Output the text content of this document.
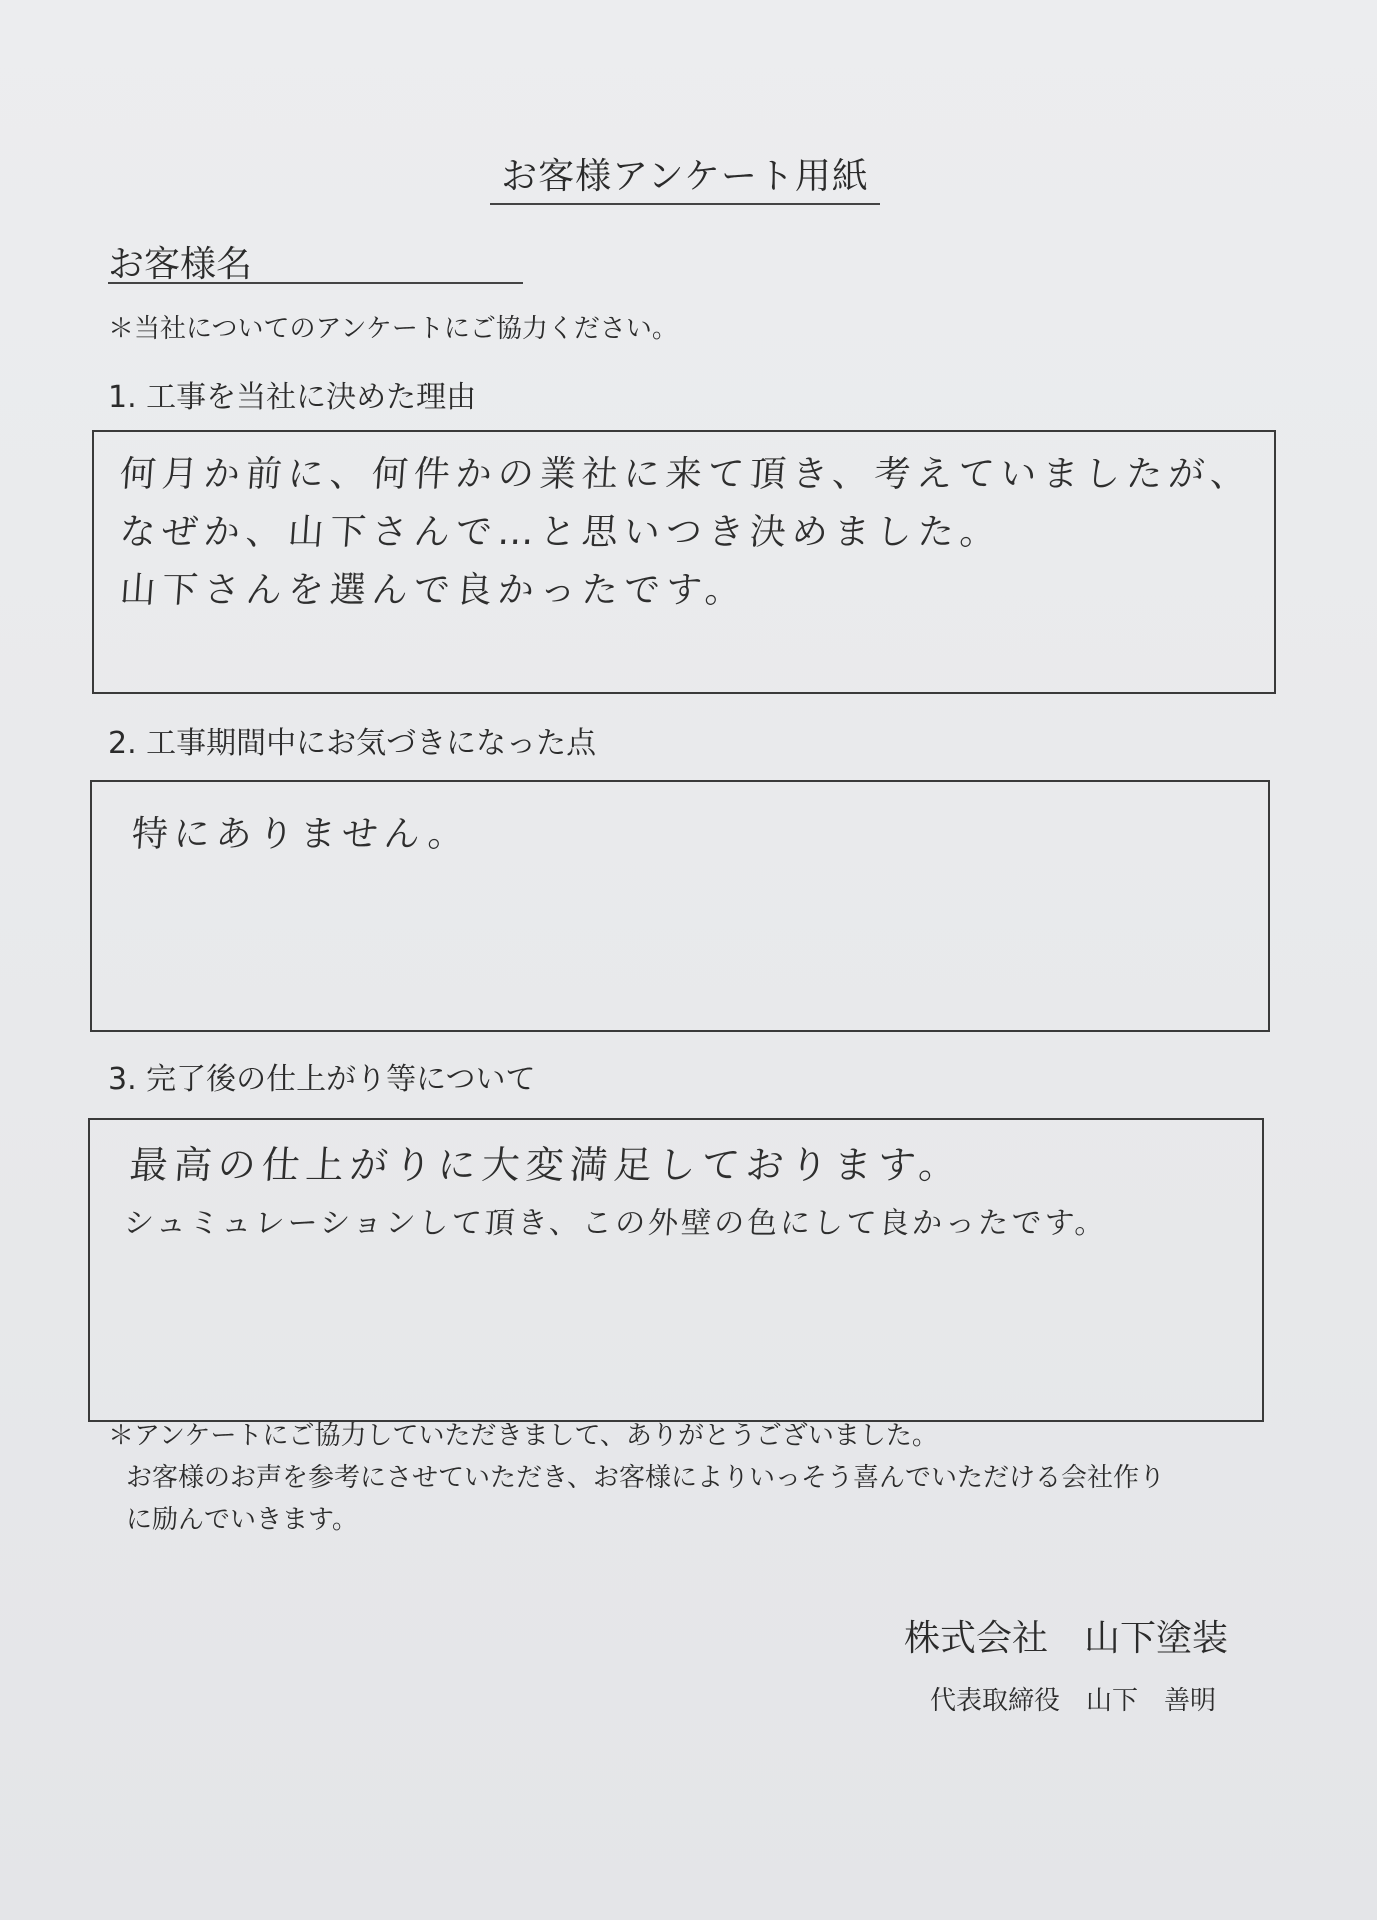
お客様アンケート用紙
お客様名
＊当社についてのアンケートにご協力ください。
1. 工事を当社に決めた理由
何月か前に、何件かの業社に来て頂き、考えていましたが、
なぜか、山下さんで…と思いつき決めました。
山下さんを選んで良かったです。
2. 工事期間中にお気づきになった点
特にありません。
3. 完了後の仕上がり等について
最高の仕上がりに大変満足しております。
シュミュレーションして頂き、この外壁の色にして良かったです。
＊アンケートにご協力していただきまして、ありがとうございました。
お客様のお声を参考にさせていただき、お客様によりいっそう喜んでいただける会社作り
に励んでいきます。
株式会社　山下塗装
代表取締役　山下　善明
